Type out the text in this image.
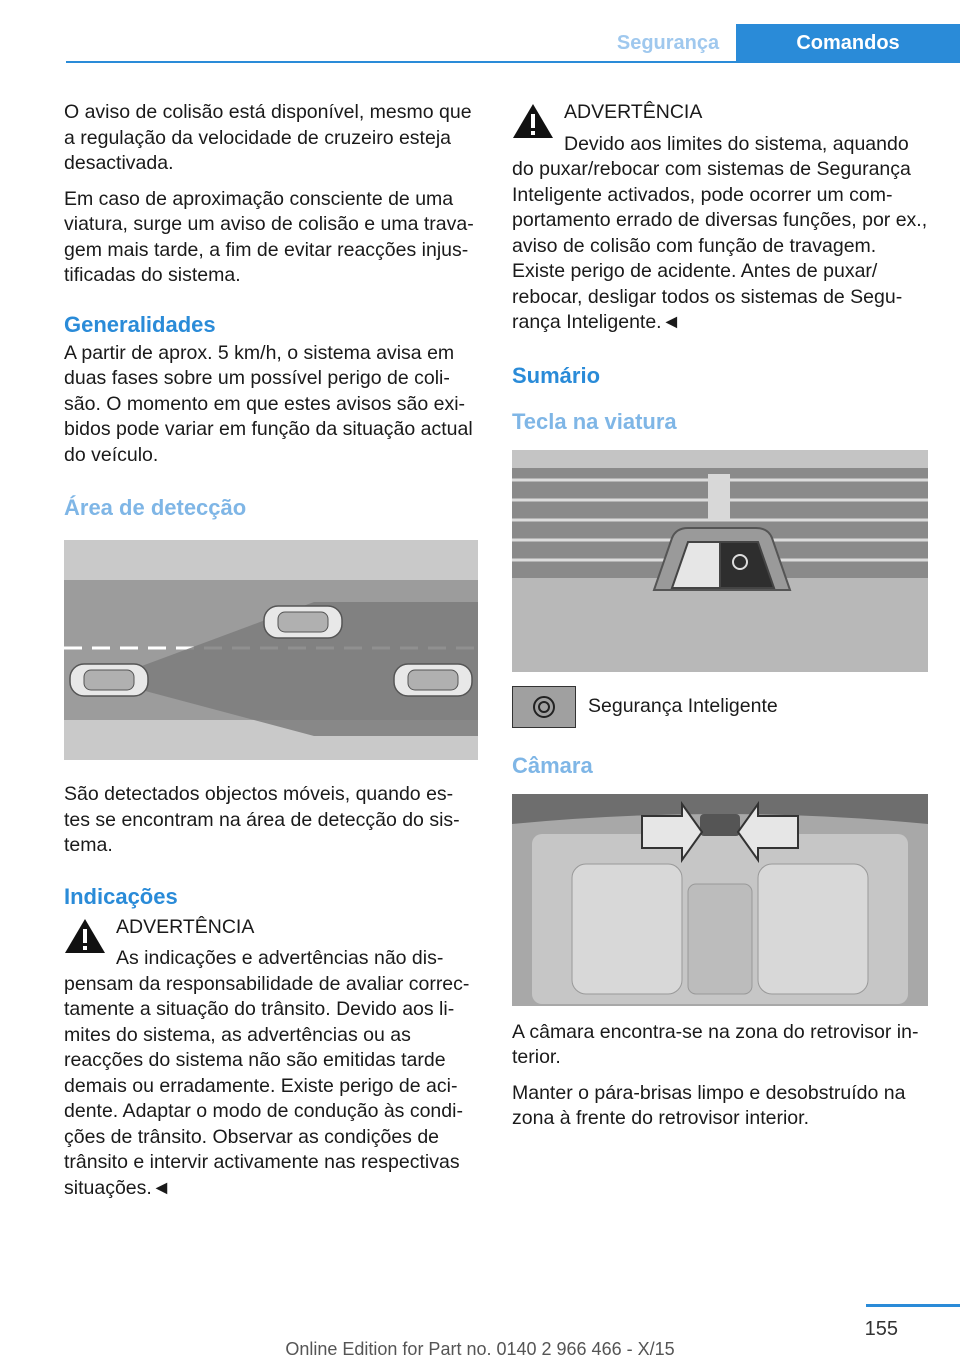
Segurança	Comandos

O aviso de colisão está disponível, mesmo que a regulação da velocidade de cruzeiro esteja desactivada.

Em caso de aproximação consciente de uma viatura, surge um aviso de colisão e uma trava- gem mais tarde, a fim de evitar reacções injus- tificadas do sistema.

Generalidades

A partir de aprox. 5 km/h, o sistema avisa em duas fases sobre um possível perigo de coli- são. O momento em que estes avisos são exi- bidos pode variar em função da situação actual do veículo.

Área de detecção

São detectados objectos móveis, quando es- tes se encontram na área de detecção do sis- tema.

Indicações

ADVERTÊNCIA

As indicações e advertências não dis- pensam da responsabilidade de avaliar correc- tamente a situação do trânsito. Devido aos li- mites do sistema, as advertências ou as reacções do sistema não são emitidas tarde demais ou erradamente. Existe perigo de aci- dente. Adaptar o modo de condução às condi- ções de trânsito. Observar as condições de trânsito e intervir activamente nas respectivas situações.◄

ADVERTÊNCIA

Devido aos limites do sistema, aquando do puxar/rebocar com sistemas de Segurança Inteligente activados, pode ocorrer um com- portamento errado de diversas funções, por ex., aviso de colisão com função de travagem. Existe perigo de acidente. Antes de puxar/ rebocar, desligar todos os sistemas de Segu- rança Inteligente.◄

Sumário
Tecla na viatura
Segurança Inteligente
Câmara

A câmara encontra-se na zona do retrovisor in- terior.

Manter o pára-brisas limpo e desobstruído na zona à frente do retrovisor interior.

155
Online Edition for Part no. 0140 2 966 466 - X/15
